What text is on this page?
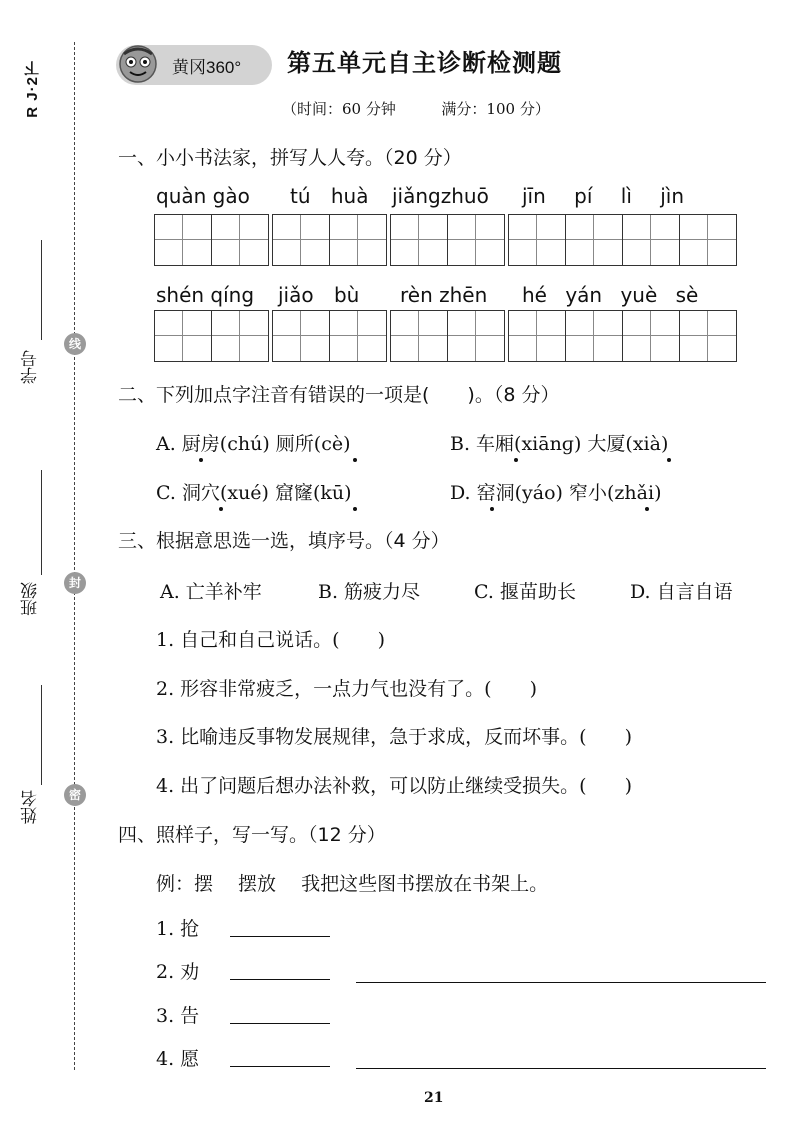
R J·2下
学号
班级
姓名
线
封
密
黄冈360° 第五单元自主诊断检测题
（时间：60 分钟	满分：100 分）
一、小小书法家，拼写人人夸。（20 分）
quàn gào tú huà jiǎngzhuō jīn pí lì jìn
shén qíng jiǎo bù rèn zhēn hé yán yuè sè
二、下列加点字注音有错误的一项是(　　)。（8 分）
A. 厨房(chú) 厕所(cè)	B. 车厢(xiānɡ) 大厦(xià)
C. 洞穴(xué) 窟窿(kū)	D. 窑洞(yáo) 窄小(zhǎi)
三、根据意思选一选，填序号。（4 分）
A. 亡羊补牢	B. 筋疲力尽	C. 揠苗助长	D. 自言自语
1. 自己和自己说话。(　　)
2. 形容非常疲乏，一点力气也没有了。(　　)
3. 比喻违反事物发展规律，急于求成，反而坏事。(　　)
4. 出了问题后想办法补救，可以防止继续受损失。(　　)
四、照样子，写一写。（12 分）
例：摆　 摆放　 我把这些图书摆放在书架上。
1. 抢
2. 劝
3. 告
4. 愿
21
